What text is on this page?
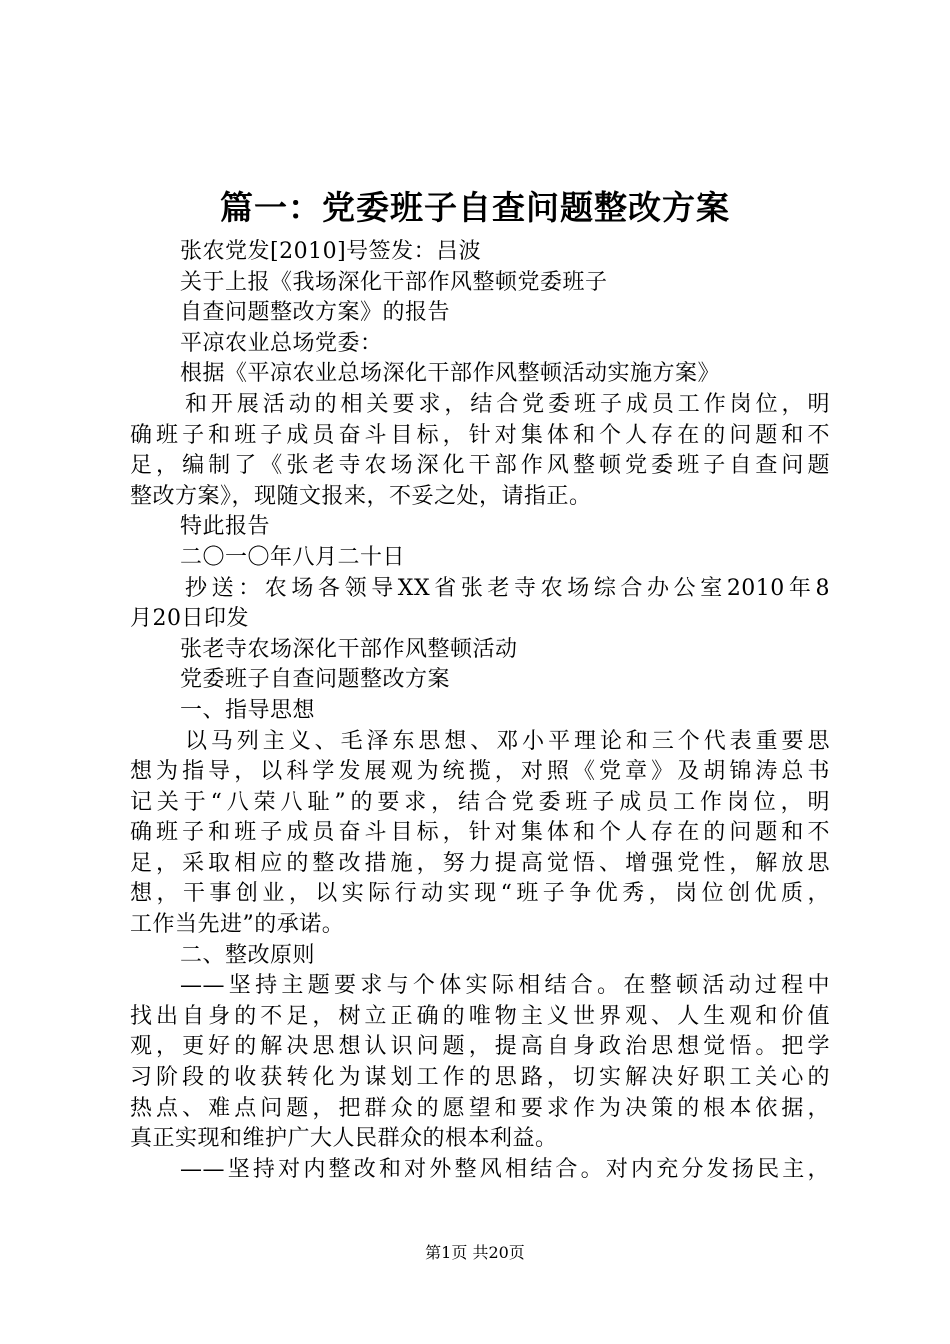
篇一：党委班子自查问题整改方案
张农党发[2010]号签发：吕波
关于上报《我场深化干部作风整顿党委班子
自查问题整改方案》的报告
平凉农业总场党委：
根据《平凉农业总场深化干部作风整顿活动实施方案》
和开展活动的相关要求，结合党委班子成员工作岗位，明
确班子和班子成员奋斗目标，针对集体和个人存在的问题和不
足，编制了《张老寺农场深化干部作风整顿党委班子自查问题
整改方案》，现随文报来，不妥之处，请指正。
特此报告
二〇一〇年八月二十日
抄送：农场各领导XX省张老寺农场综合办公室2010年8
月20日印发
张老寺农场深化干部作风整顿活动
党委班子自查问题整改方案
一、指导思想
以马列主义、毛泽东思想、邓小平理论和三个代表重要思
想为指导，以科学发展观为统揽，对照《党章》及胡锦涛总书
记关于“八荣八耻”的要求，结合党委班子成员工作岗位，明
确班子和班子成员奋斗目标，针对集体和个人存在的问题和不
足，采取相应的整改措施，努力提高觉悟、增强党性，解放思
想，干事创业，以实际行动实现“班子争优秀，岗位创优质，
工作当先进”的承诺。
二、整改原则
——坚持主题要求与个体实际相结合。在整顿活动过程中
找出自身的不足，树立正确的唯物主义世界观、人生观和价值
观，更好的解决思想认识问题，提高自身政治思想觉悟。把学
习阶段的收获转化为谋划工作的思路，切实解决好职工关心的
热点、难点问题，把群众的愿望和要求作为决策的根本依据，
真正实现和维护广大人民群众的根本利益。
——坚持对内整改和对外整风相结合。对内充分发扬民主，
第1页 共20页
